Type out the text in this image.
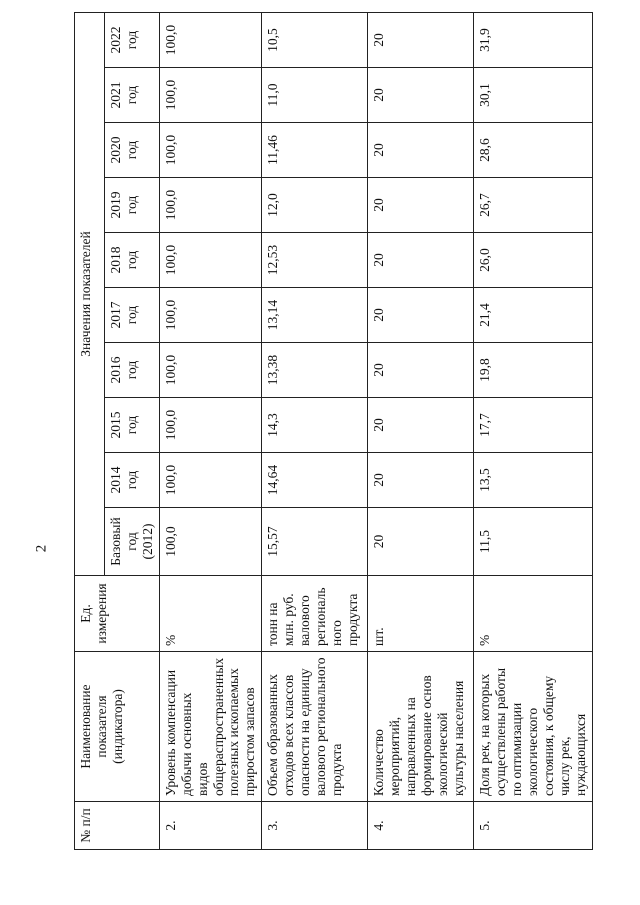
2
№ п/п	Наименование показателя (индикатора)	Ед. измерения	Значения показателей									
			Базовый год (2012)	2014 год	2015 год	2016 год	2017 год	2018 год	2019 год	2020 год	2021 год	2022 год
2.	Уровень компенсации добычи основных видов общераспространенных полезных ископаемых приростом запасов	%	100,0	100,0	100,0	100,0	100,0	100,0	100,0	100,0	100,0	100,0
3.	Объем образованных отходов всех классов опасности на единицу валового регионального продукта	тонн на млн. руб. валового региональ ного продукта	15,57	14,64	14,3	13,38	13,14	12,53	12,0	11,46	11,0	10,5
4.	Количество мероприятий, направленных на формирование основ экологической культуры населения	шт.	20	20	20	20	20	20	20	20	20	20
5.	Доля рек, на которых осуществлены работы по оптимизации экологического состояния, к общему числу рек, нуждающихся	%	11,5	13,5	17,7	19,8	21,4	26,0	26,7	28,6	30,1	31,9
